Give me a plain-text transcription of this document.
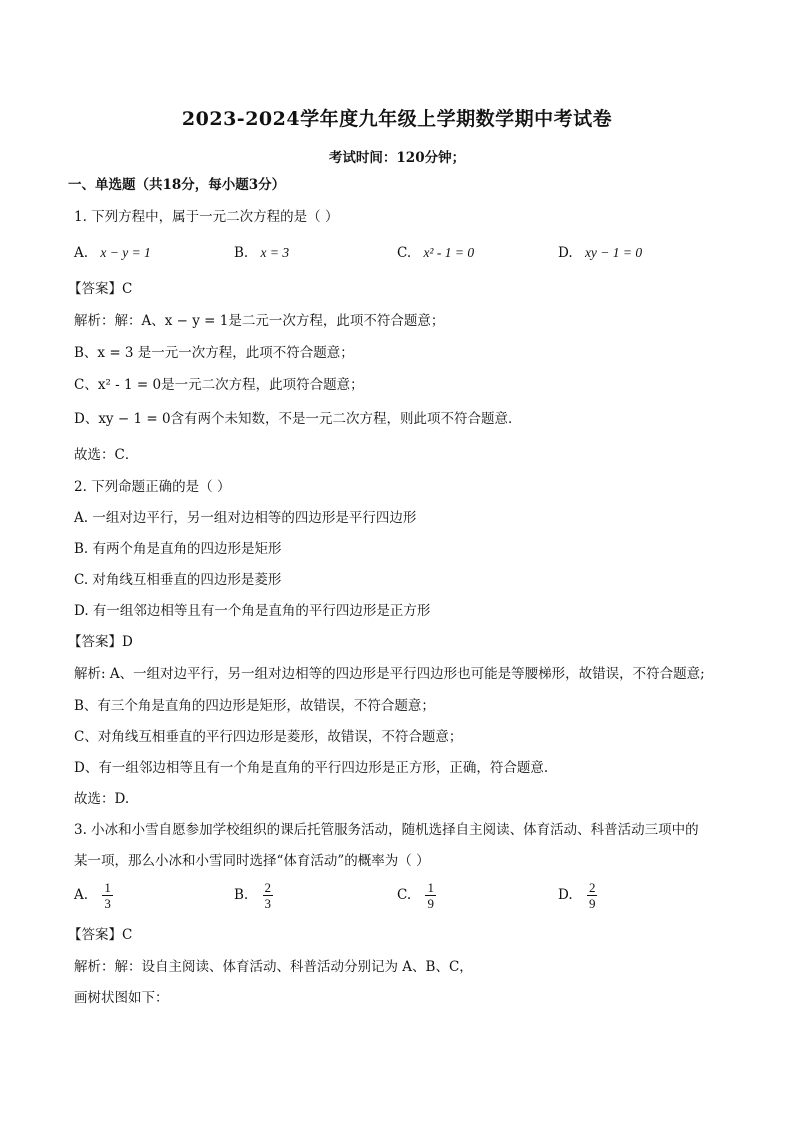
2023-2024学年度九年级上学期数学期中考试卷
考试时间：120分钟；
一、单选题（共18分，每小题3分）
1. 下列方程中，属于一元二次方程的是（ ）
A. x − y = 1	B. x = 3	C. x² - 1 = 0	D. xy − 1 = 0
【答案】C
解析：解：A、x − y = 1是二元一次方程，此项不符合题意；
B、x = 3 是一元一次方程，此项不符合题意；
C、x² - 1 = 0是一元二次方程，此项符合题意；
D、xy − 1 = 0含有两个未知数，不是一元二次方程，则此项不符合题意．
故选：C．
2. 下列命题正确的是（ ）
A. 一组对边平行，另一组对边相等的四边形是平行四边形
B. 有两个角是直角的四边形是矩形
C. 对角线互相垂直的四边形是菱形
D. 有一组邻边相等且有一个角是直角的平行四边形是正方形
【答案】D
解析: A、一组对边平行，另一组对边相等的四边形是平行四边形也可能是等腰梯形，故错误，不符合题意;
B、有三个角是直角的四边形是矩形，故错误，不符合题意；
C、对角线互相垂直的平行四边形是菱形，故错误，不符合题意；
D、有一组邻边相等且有一个角是直角的平行四边形是正方形，正确，符合题意.
故选：D.
3. 小冰和小雪自愿参加学校组织的课后托管服务活动，随机选择自主阅读、体育活动、科普活动三项中的
某一项，那么小冰和小雪同时选择“体育活动”的概率为（ ）
A. $\frac{1}{3}$	B. $\frac{2}{3}$	C. $\frac{1}{9}$	D. $\frac{2}{9}$
【答案】C
解析：解：设自主阅读、体育活动、科普活动分别记为 A、B、C，
画树状图如下：
